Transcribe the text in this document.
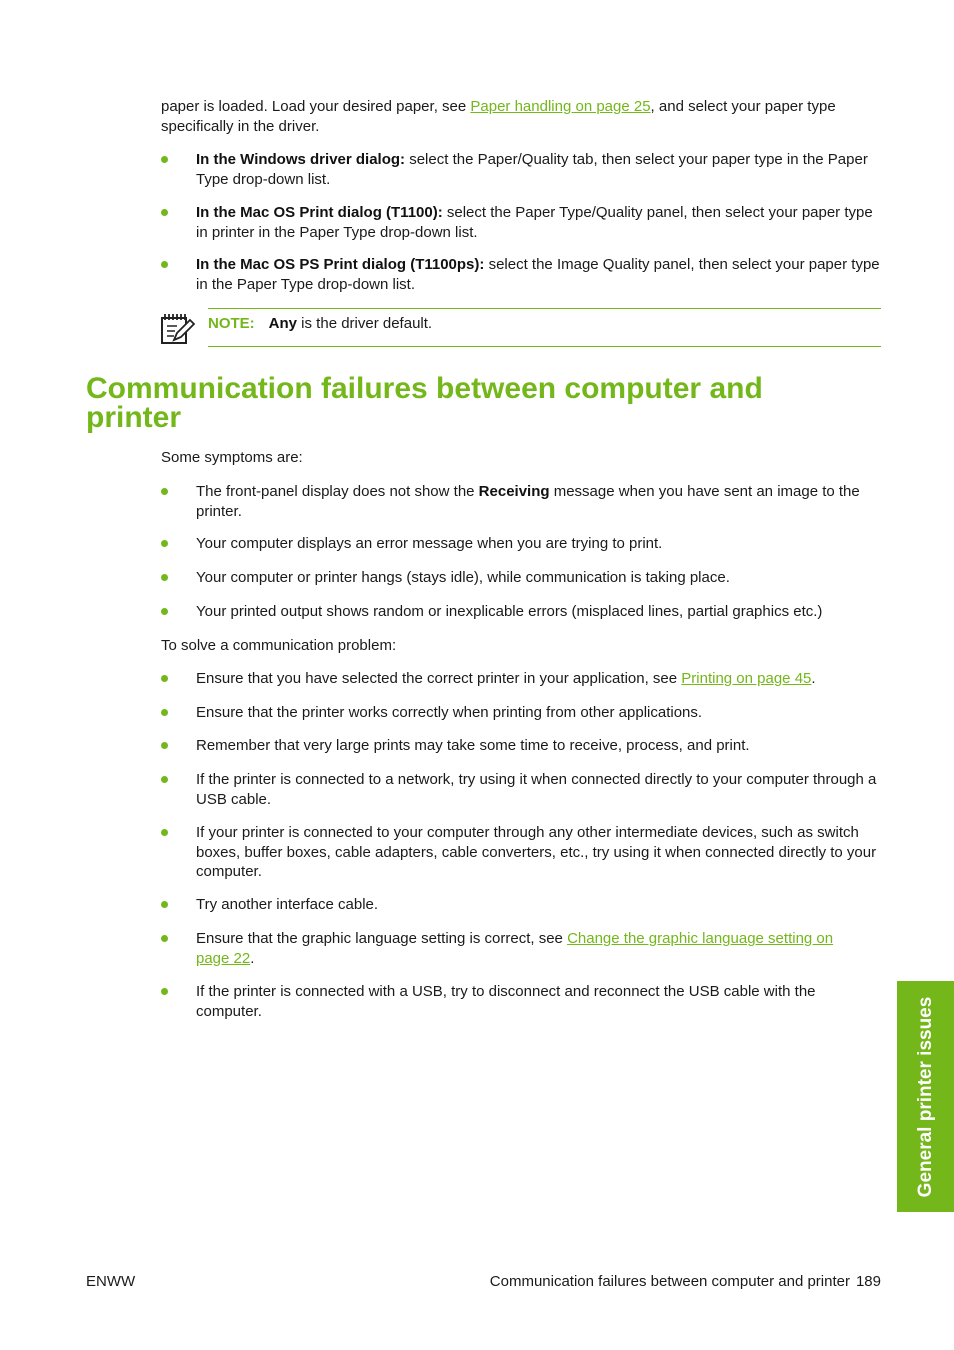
paper is loaded. Load your desired paper, see Paper handling on page 25, and select your paper type specifically in the driver.
In the Windows driver dialog: select the Paper/Quality tab, then select your paper type in the Paper Type drop-down list.
In the Mac OS Print dialog (T1100): select the Paper Type/Quality panel, then select your paper type in printer in the Paper Type drop-down list.
In the Mac OS PS Print dialog (T1100ps): select the Image Quality panel, then select your paper type in the Paper Type drop-down list.
NOTE: Any is the driver default.
Communication failures between computer and printer
Some symptoms are:
The front-panel display does not show the Receiving message when you have sent an image to the printer.
Your computer displays an error message when you are trying to print.
Your computer or printer hangs (stays idle), while communication is taking place.
Your printed output shows random or inexplicable errors (misplaced lines, partial graphics etc.)
To solve a communication problem:
Ensure that you have selected the correct printer in your application, see Printing on page 45.
Ensure that the printer works correctly when printing from other applications.
Remember that very large prints may take some time to receive, process, and print.
If the printer is connected to a network, try using it when connected directly to your computer through a USB cable.
If your printer is connected to your computer through any other intermediate devices, such as switch boxes, buffer boxes, cable adapters, cable converters, etc., try using it when connected directly to your computer.
Try another interface cable.
Ensure that the graphic language setting is correct, see Change the graphic language setting on page 22.
If the printer is connected with a USB, try to disconnect and reconnect the USB cable with the computer.	General printer issues
ENWW	Communication failures between computer and printer 189
